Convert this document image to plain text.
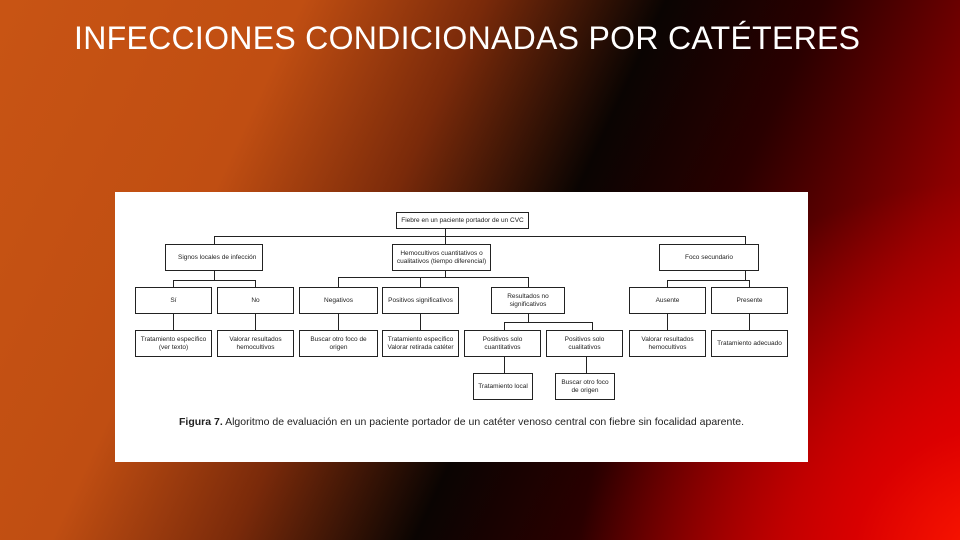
INFECCIONES CONDICIONADAS POR CATÉTERES
Fiebre en un paciente portador de un CVC
Signos locales de infección
Hemocultivos cuantitativos o cualitativos (tiempo diferencial)
Foco secundario
Sí	No	Negativos	Positivos significativos
Resultados no significativos
Ausente	Presente
Tratamiento específico (ver texto)
Valorar resultados hemocultivos
Buscar otro foco de origen
Tratamiento específico Valorar retirada catéter
Positivos solo cuantitativos
Positivos solo cualitativos
Valorar resultados hemocultivos
Tratamiento adecuado
Tratamiento local
Buscar otro foco de origen
Figura 7. Algoritmo de evaluación en un paciente portador de un catéter venoso central con fiebre sin focalidad aparente.
